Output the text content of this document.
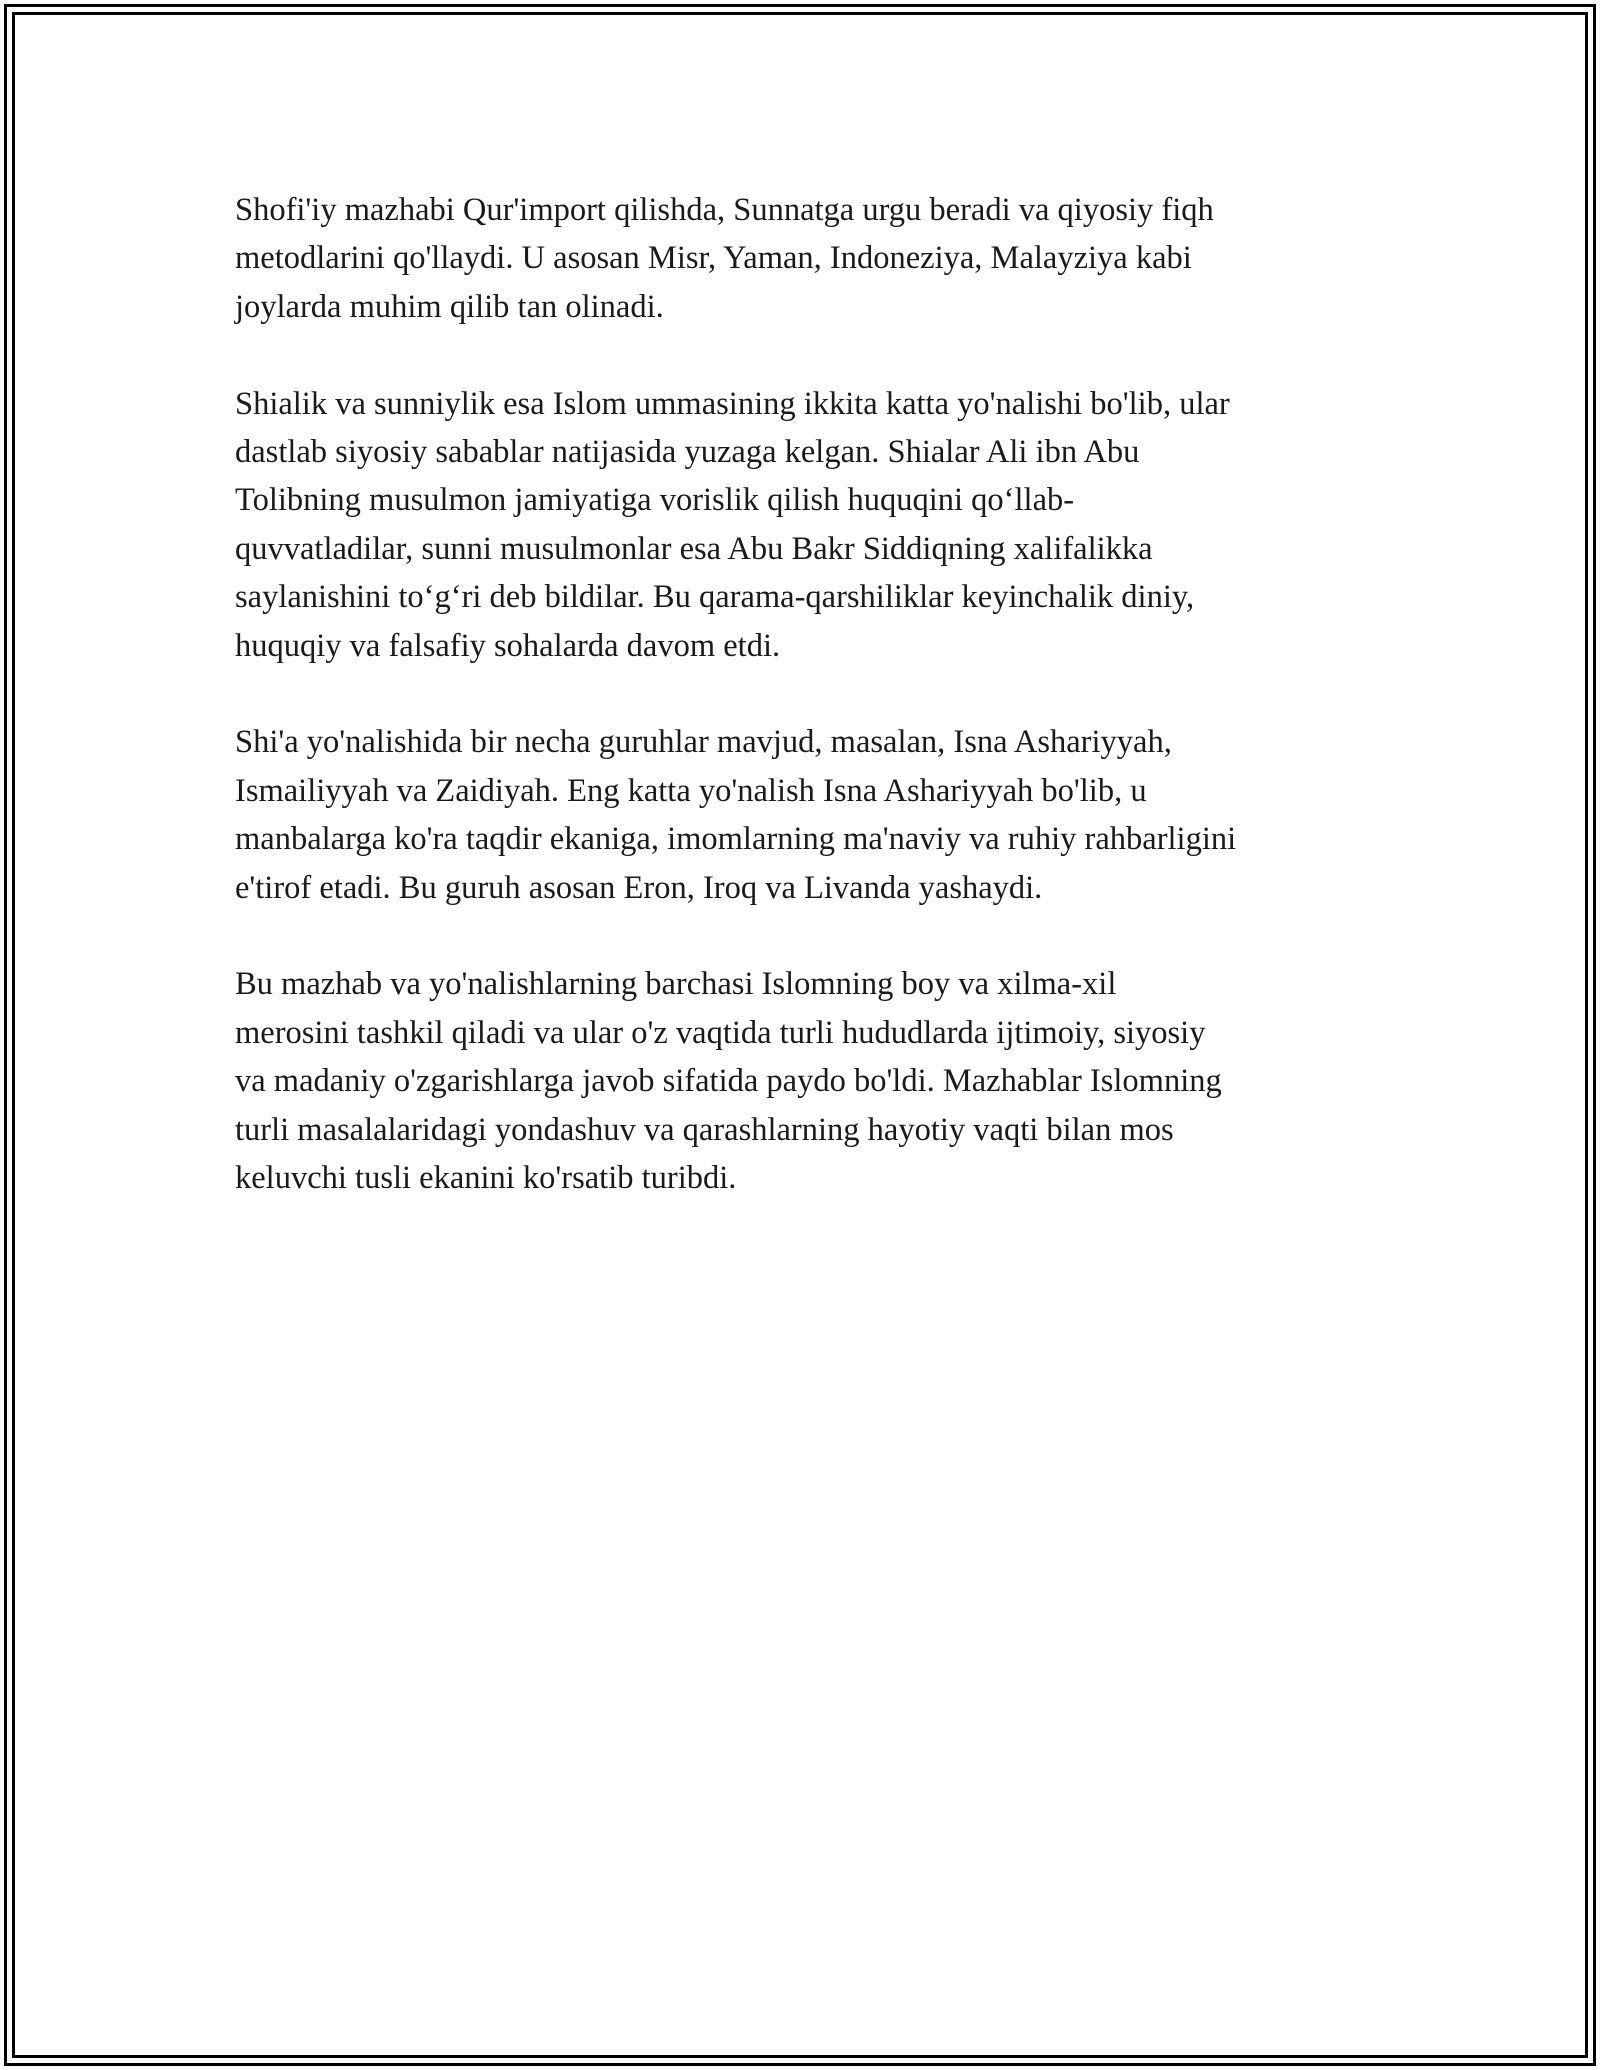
Shofi'iy mazhabi Qur'import qilishda, Sunnatga urgu beradi va qiyosiy fiqh
metodlarini qo'llaydi. U asosan Misr, Yaman, Indoneziya, Malayziya kabi
joylarda muhim qilib tan olinadi.

Shialik va sunniylik esa Islom ummasining ikkita katta yo'nalishi bo'lib, ular
dastlab siyosiy sabablar natijasida yuzaga kelgan. Shialar Ali ibn Abu
Tolibning musulmon jamiyatiga vorislik qilish huquqini qo‘llab-
quvvatladilar, sunni musulmonlar esa Abu Bakr Siddiqning xalifalikka
saylanishini to‘g‘ri deb bildilar. Bu qarama-qarshiliklar keyinchalik diniy,
huquqiy va falsafiy sohalarda davom etdi.

Shi'a yo'nalishida bir necha guruhlar mavjud, masalan, Isna Ashariyyah,
Ismailiyyah va Zaidiyah. Eng katta yo'nalish Isna Ashariyyah bo'lib, u
manbalarga ko'ra taqdir ekaniga, imomlarning ma'naviy va ruhiy rahbarligini
e'tirof etadi. Bu guruh asosan Eron, Iroq va Livanda yashaydi.

Bu mazhab va yo'nalishlarning barchasi Islomning boy va xilma-xil
merosini tashkil qiladi va ular o'z vaqtida turli hududlarda ijtimoiy, siyosiy
va madaniy o'zgarishlarga javob sifatida paydo bo'ldi. Mazhablar Islomning
turli masalalaridagi yondashuv va qarashlarning hayotiy vaqti bilan mos
keluvchi tusli ekanini ko'rsatib turibdi.
